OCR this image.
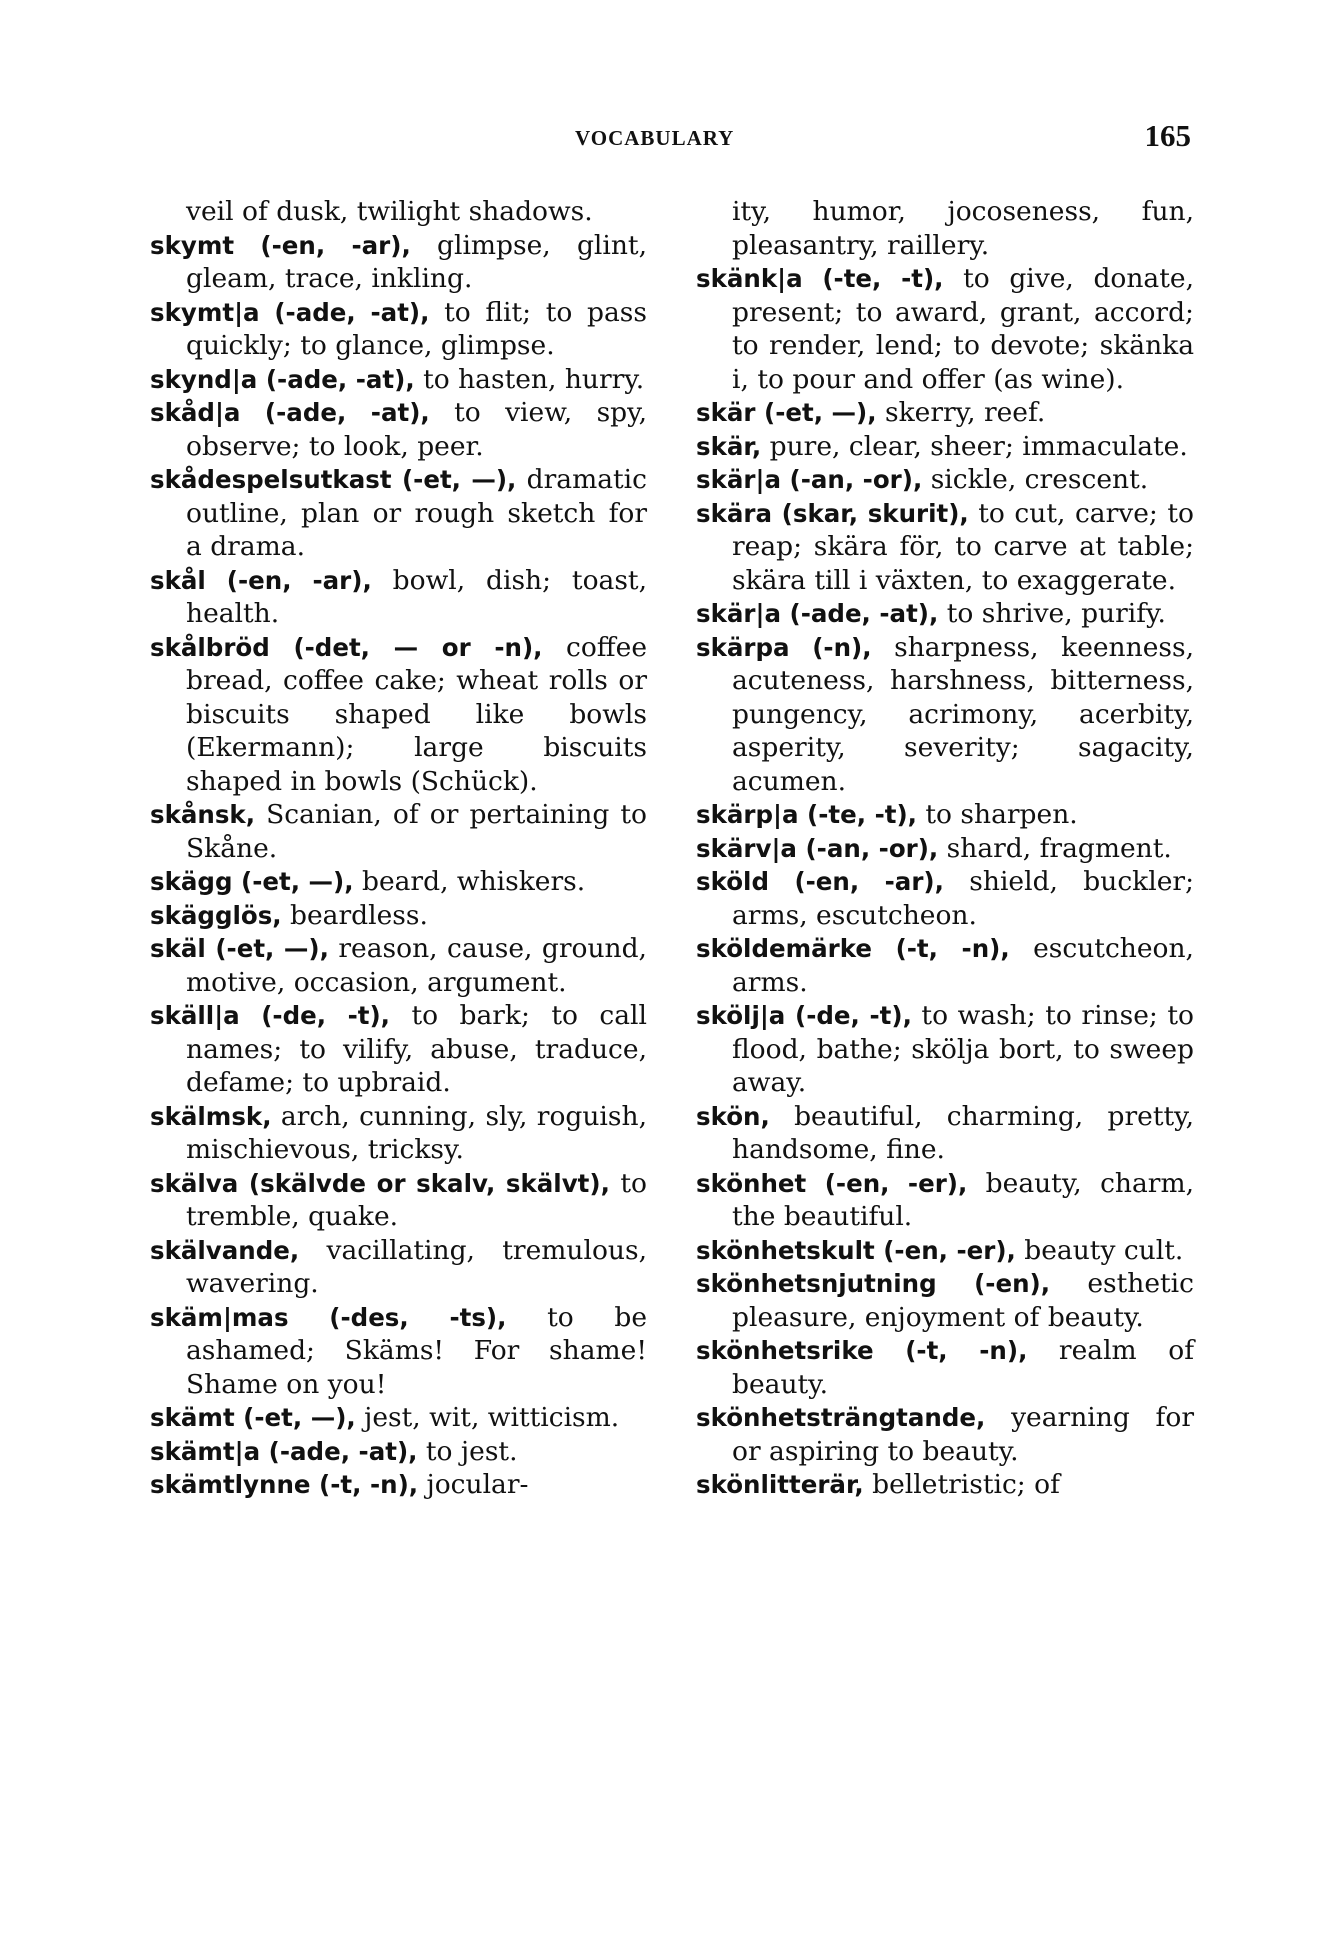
VOCABULARY	165
veil of dusk, twilight shadows.
skymt (-en, -ar), glimpse, glint, gleam, trace, inkling.
skymt|a (-ade, -at), to flit; to pass quickly; to glance, glimpse.
skynd|a (-ade, -at), to hasten, hurry.
skåd|a (-ade, -at), to view, spy, observe; to look, peer.
skådespelsutkast (-et, —), dramatic outline, plan or rough sketch for a drama.
skål (-en, -ar), bowl, dish; toast, health.
skålbröd (-det, — or -n), coffee bread, coffee cake; wheat rolls or biscuits shaped like bowls (Ekermann); large biscuits shaped in bowls (Schück).
skånsk, Scanian, of or pertaining to Skåne.
skägg (-et, —), beard, whiskers.
skägglös, beardless.
skäl (-et, —), reason, cause, ground, motive, occasion, argument.
skäll|a (-de, -t), to bark; to call names; to vilify, abuse, traduce, defame; to upbraid.
skälmsk, arch, cunning, sly, roguish, mischievous, tricksy.
skälva (skälvde or skalv, skälvt), to tremble, quake.
skälvande, vacillating, tremulous, wavering.
skäm|mas (-des, -ts), to be ashamed; Skäms! For shame! Shame on you!
skämt (-et, —), jest, wit, witticism.
skämt|a (-ade, -at), to jest.
skämtlynne (-t, -n), jocular-
ity, humor, jocoseness, fun, pleasantry, raillery.
skänk|a (-te, -t), to give, donate, present; to award, grant, accord; to render, lend; to devote; skänka i, to pour and offer (as wine).
skär (-et, —), skerry, reef.
skär, pure, clear, sheer; immaculate.
skär|a (-an, -or), sickle, crescent.
skära (skar, skurit), to cut, carve; to reap; skära för, to carve at table; skära till i växten, to exaggerate.
skär|a (-ade, -at), to shrive, purify.
skärpa (-n), sharpness, keenness, acuteness, harshness, bitterness, pungency, acrimony, acerbity, asperity, severity; sagacity, acumen.
skärp|a (-te, -t), to sharpen.
skärv|a (-an, -or), shard, fragment.
sköld (-en, -ar), shield, buckler; arms, escutcheon.
sköldemärke (-t, -n), escutcheon, arms.
skölj|a (-de, -t), to wash; to rinse; to flood, bathe; skölja bort, to sweep away.
skön, beautiful, charming, pretty, handsome, fine.
skönhet (-en, -er), beauty, charm, the beautiful.
skönhetskult (-en, -er), beauty cult.
skönhetsnjutning (-en), esthetic pleasure, enjoyment of beauty.
skönhetsrike (-t, -n), realm of beauty.
skönhetsträngtande, yearning for or aspiring to beauty.
skönlitterär, belletristic; of
